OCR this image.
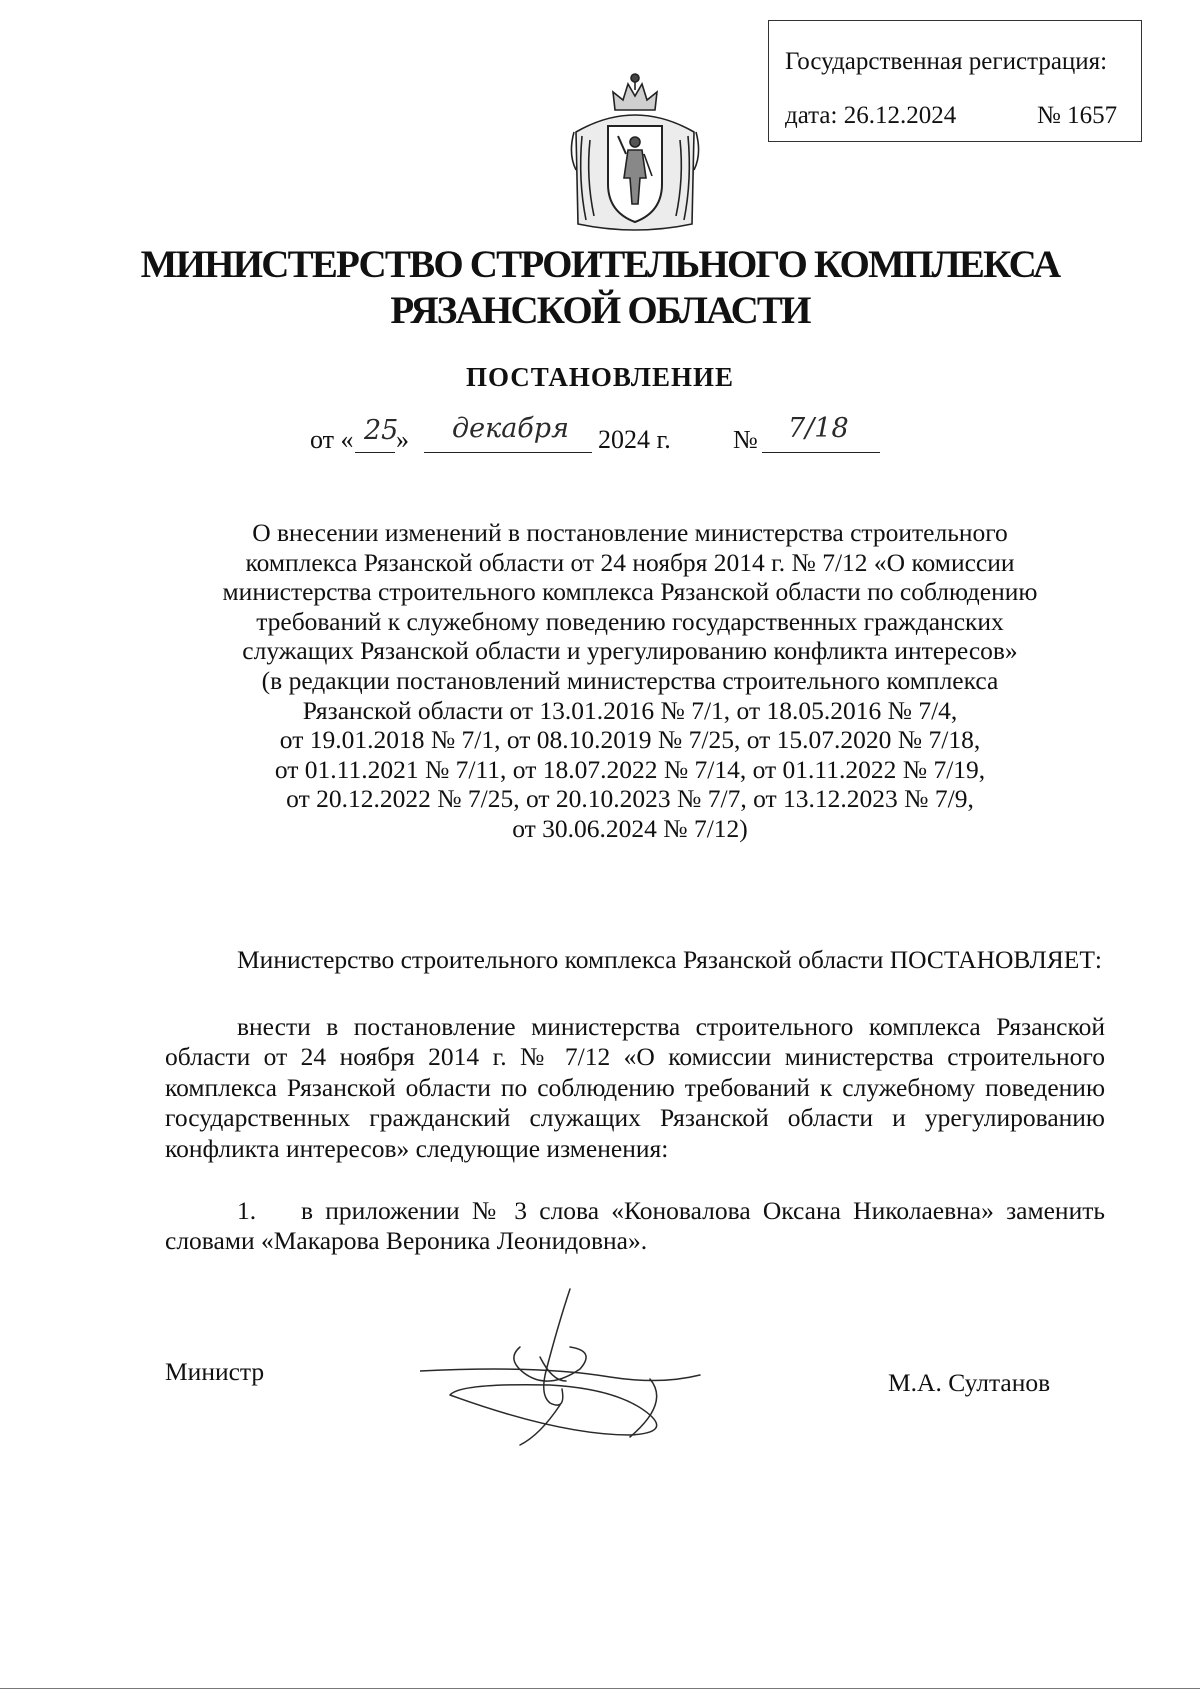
Государственная регистрация:
дата: 26.12.2024	№ 1657
МИНИСТЕРСТВО СТРОИТЕЛЬНОГО КОМПЛЕКСА
РЯЗАНСКОЙ ОБЛАСТИ
ПОСТАНОВЛЕНИЕ
от « 25
» декабря 2024 г. № 7/18
О внесении изменений в постановление министерства строительного
комплекса Рязанской области от 24 ноября 2014 г. № 7/12 «О комиссии
министерства строительного комплекса Рязанской области по соблюдению
требований к служебному поведению государственных гражданских
служащих Рязанской области и урегулированию конфликта интересов»
(в редакции постановлений министерства строительного комплекса
Рязанской области от 13.01.2016 № 7/1, от 18.05.2016 № 7/4,
от 19.01.2018 № 7/1, от 08.10.2019 № 7/25, от 15.07.2020 № 7/18,
от 01.11.2021 № 7/11, от 18.07.2022 № 7/14, от 01.11.2022 № 7/19,
от 20.12.2022 № 7/25, от 20.10.2023 № 7/7, от 13.12.2023 № 7/9,
от 30.06.2024 № 7/12)
Министерство строительного комплекса Рязанской области ПОСТАНОВЛЯЕТ:
внести в постановление министерства строительного комплекса Рязанской области от 24 ноября 2014 г. № 7/12 «О комиссии министерства строительного комплекса Рязанской области по соблюдению требований к служебному поведению государственных гражданский служащих Рязанской области и урегулированию конфликта интересов» следующие изменения:
1. в приложении № 3 слова «Коновалова Оксана Николаевна» заменить словами «Макарова Вероника Леонидовна».
Министр	М.А. Султанов
